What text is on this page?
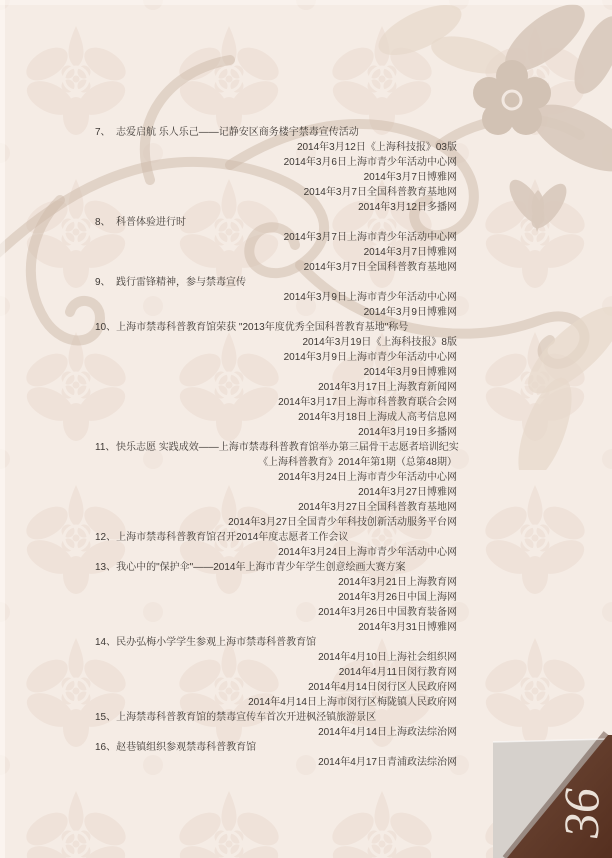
7、 志爱启航 乐人乐己——记静安区商务楼宇禁毒宣传活动
2014年3月12日《上海科技报》03版
2014年3月6日上海市青少年活动中心网
2014年3月7日博雅网
2014年3月7日全国科普教育基地网
2014年3月12日多播网
8、 科普体验进行时
2014年3月7日上海市青少年活动中心网
2014年3月7日博雅网
2014年3月7日全国科普教育基地网
9、 践行雷锋精神，参与禁毒宣传
2014年3月9日上海市青少年活动中心网
2014年3月9日博雅网
10、上海市禁毒科普教育馆荣获 "2013年度优秀全国科普教育基地"称号
2014年3月19日《上海科技报》8版
2014年3月9日上海市青少年活动中心网
2014年3月9日博雅网
2014年3月17日上海教育新闻网
2014年3月17日上海市科普教育联合会网
2014年3月18日上海成人高考信息网
2014年3月19日多播网
11、快乐志愿 实践成效——上海市禁毒科普教育馆举办第三届骨干志愿者培训纪实
《上海科普教育》2014年第1期（总第48期）
2014年3月24日上海市青少年活动中心网
2014年3月27日博雅网
2014年3月27日全国科普教育基地网
2014年3月27日全国青少年科技创新活动服务平台网
12、上海市禁毒科普教育馆召开2014年度志愿者工作会议
2014年3月24日上海市青少年活动中心网
13、我心中的"保护伞"——2014年上海市青少年学生创意绘画大赛方案
2014年3月21日上海教育网
2014年3月26日中国上海网
2014年3月26日中国教育装备网
2014年3月31日博雅网
14、民办弘梅小学学生参观上海市禁毒科普教育馆
2014年4月10日上海社会组织网
2014年4月11日闵行教育网
2014年4月14日闵行区人民政府网
2014年4月14日上海市闵行区梅陇镇人民政府网
15、上海禁毒科普教育馆的禁毒宣传车首次开进枫泾镇旅游景区
2014年4月14日上海政法综治网
16、赵巷镇组织参观禁毒科普教育馆
2014年4月17日青浦政法综治网
36
